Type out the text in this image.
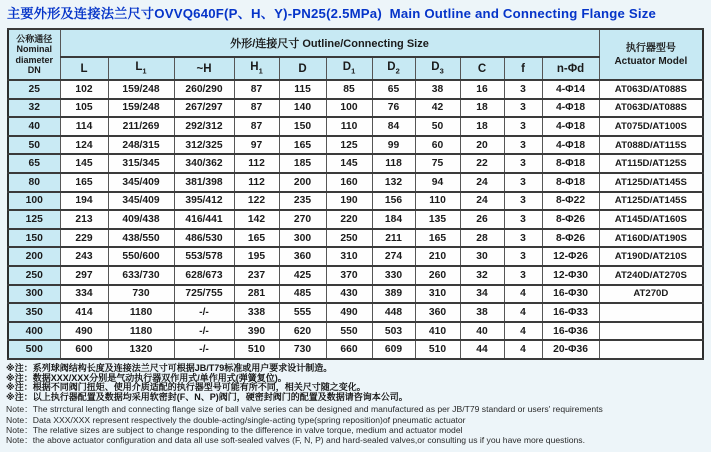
主要外形及连接法兰尺寸OVVQ640F(P、H、Y)-PN25(2.5MPa)  Main Outline and Connecting Flange Size
公称通径
Nominal
diameter
DN
	外形/连接尺寸 Outline/Connecting Size	执行器型号
Actuator Model

	L	$L_1$	~H	$H_1$	D	$D_1$	$D_2$	$D_3$	C	f	n-Φd	
25	102	159/248	260/290	87	115	85	65	38	16	3	4-Φ14	AT063D/AT088S
32	105	159/248	267/297	87	140	100	76	42	18	3	4-Φ18	AT063D/AT088S
40	114	211/269	292/312	87	150	110	84	50	18	3	4-Φ18	AT075D/AT100S
50	124	248/315	312/325	97	165	125	99	60	20	3	4-Φ18	AT088D/AT115S
65	145	315/345	340/362	112	185	145	118	75	22	3	8-Φ18	AT115D/AT125S
80	165	345/409	381/398	112	200	160	132	94	24	3	8-Φ18	AT125D/AT145S
100	194	345/409	395/412	122	235	190	156	110	24	3	8-Φ22	AT125D/AT145S
125	213	409/438	416/441	142	270	220	184	135	26	3	8-Φ26	AT145D/AT160S
150	229	438/550	486/530	165	300	250	211	165	28	3	8-Φ26	AT160D/AT190S
200	243	550/600	553/578	195	360	310	274	210	30	3	12-Φ26	AT190D/AT210S
250	297	633/730	628/673	237	425	370	330	260	32	3	12-Φ30	AT240D/AT270S
300	334	730	725/755	281	485	430	389	310	34	4	16-Φ30	AT270D
350	414	1180	-/-	338	555	490	448	360	38	4	16-Φ33	
400	490	1180	-/-	390	620	550	503	410	40	4	16-Φ36	
500	600	1320	-/-	510	730	660	609	510	44	4	20-Φ36	
※注：系列球阀结构长度及连接法兰尺寸可根据JB/T79标准或用户要求设计制造。
※注：数据XXX/XXX分别是气动执行器双作用式/单作用式(弹簧复位)。
※注：根据不同阀门扭矩、使用介质适配的执行器型号可能有所不同，相关尺寸随之变化。
※注：以上执行器配置及数据均采用软密封(F、N、P)阀门，硬密封阀门的配置及数据请咨询本公司。
Note：The strrctural length and connecting flange size of ball valve series can be designed and manufactured as per JB/T79 standard or users' requirements
Note：Data XXX/XXX represent respectively the double-acting/single-acting type(spring reposition)of pneumatic actuator
Note：The relative sizes are subject to change responding to the difference in valve torque, medium and actuator model
Note：the above actuator configuration and data all use soft-sealed valves (F, N, P) and hard-sealed valves,or consulting us if you have more questions.
